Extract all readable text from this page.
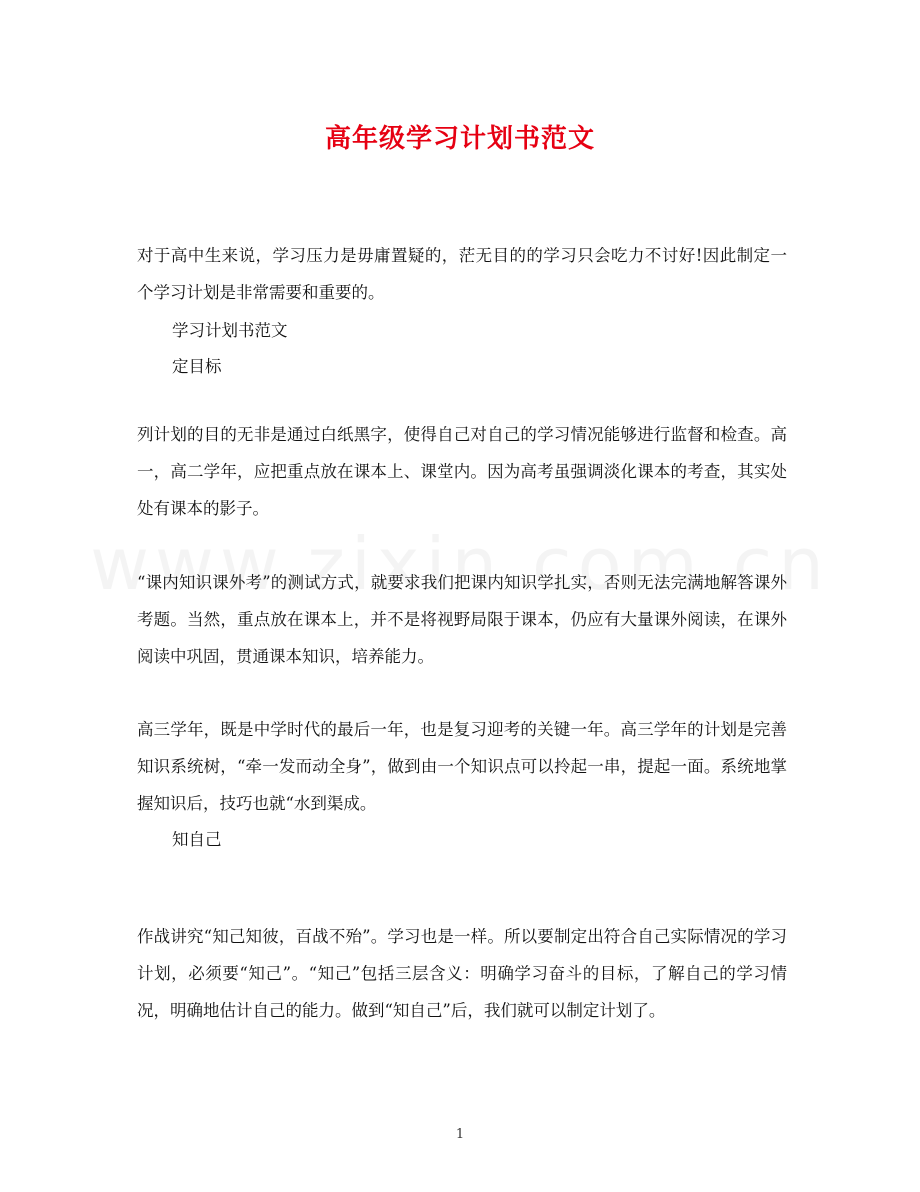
高年级学习计划书范文

对于高中生来说，学习压力是毋庸置疑的，茫无目的的学习只会吃力不讨好!因此制定一个学习计划是非常需要和重要的。

学习计划书范文

定目标

列计划的目的无非是通过白纸黑字，使得自己对自己的学习情况能够进行监督和检查。高一，高二学年，应把重点放在课本上、课堂内。因为高考虽强调淡化课本的考查，其实处处有课本的影子。

“课内知识课外考”的测试方式，就要求我们把课内知识学扎实，否则无法完满地解答课外考题。当然，重点放在课本上，并不是将视野局限于课本，仍应有大量课外阅读，在课外阅读中巩固，贯通课本知识，培养能力。

高三学年，既是中学时代的最后一年，也是复习迎考的关键一年。高三学年的计划是完善知识系统树，“牵一发而动全身”，做到由一个知识点可以拎起一串，提起一面。系统地掌握知识后，技巧也就“水到渠成。

知自己

作战讲究“知己知彼，百战不殆”。学习也是一样。所以要制定出符合自己实际情况的学习计划，必须要“知己”。“知己”包括三层含义：明确学习奋斗的目标，了解自己的学习情况，明确地估计自己的能力。做到“知自己”后，我们就可以制定计划了。

1
